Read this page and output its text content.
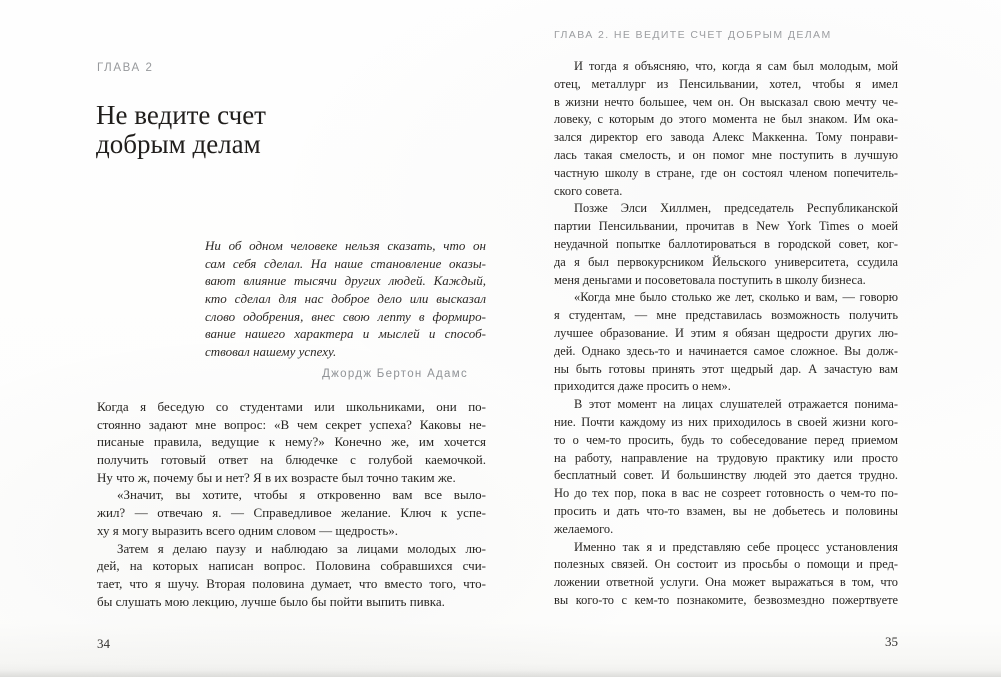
ГЛАВА 2
Не ведите счет
добрым делам
Ни об одном человеке нельзя сказать, что он
сам себя сделал. На наше становление оказы-
вают влияние тысячи других людей. Каждый,
кто сделал для нас доброе дело или высказал
слово одобрения, внес свою лепту в формиро-
вание нашего характера и мыслей и способ-
ствовал нашему успеху.
Джордж Бертон Адамс
Когда я беседую со студентами или школьниками, они по-
стоянно задают мне вопрос: «В чем секрет успеха? Каковы не-
писаные правила, ведущие к нему?» Конечно же, им хочется
получить готовый ответ на блюдечке с голубой каемочкой.
Ну что ж, почему бы и нет? Я в их возрасте был точно таким же.
«Значит, вы хотите, чтобы я откровенно вам все выло-
жил? — отвечаю я. — Справедливое желание. Ключ к успе-
ху я могу выразить всего одним словом — щедрость».
Затем я делаю паузу и наблюдаю за лицами молодых лю-
дей, на которых написан вопрос. Половина собравшихся счи-
тает, что я шучу. Вторая половина думает, что вместо того, что-
бы слушать мою лекцию, лучше было бы пойти выпить пивка.
34
ГЛАВА 2. НЕ ВЕДИТЕ СЧЕТ ДОБРЫМ ДЕЛАМ
И тогда я объясняю, что, когда я сам был молодым, мой
отец, металлург из Пенсильвании, хотел, чтобы я имел
в жизни нечто большее, чем он. Он высказал свою мечту че-
ловеку, с которым до этого момента не был знаком. Им ока-
зался директор его завода Алекс Маккенна. Тому понрави-
лась такая смелость, и он помог мне поступить в лучшую
частную школу в стране, где он состоял членом попечитель-
ского совета.
Позже Элси Хиллмен, председатель Республиканской
партии Пенсильвании, прочитав в New York Times о моей
неудачной попытке баллотироваться в городской совет, ког-
да я был первокурсником Йельского университета, ссудила
меня деньгами и посоветовала поступить в школу бизнеса.
«Когда мне было столько же лет, сколько и вам, — говорю
я студентам, — мне представилась возможность получить
лучшее образование. И этим я обязан щедрости других лю-
дей. Однако здесь-то и начинается самое сложное. Вы долж-
ны быть готовы принять этот щедрый дар. А зачастую вам
приходится даже просить о нем».
В этот момент на лицах слушателей отражается понима-
ние. Почти каждому из них приходилось в своей жизни кого-
то о чем-то просить, будь то собеседование перед приемом
на работу, направление на трудовую практику или просто
бесплатный совет. И большинству людей это дается трудно.
Но до тех пор, пока в вас не созреет готовность о чем-то по-
просить и дать что-то взамен, вы не добьетесь и половины
желаемого.
Именно так я и представляю себе процесс установления
полезных связей. Он состоит из просьбы о помощи и пред-
ложении ответной услуги. Она может выражаться в том, что
вы кого-то с кем-то познакомите, безвозмездно пожертвуете
35
